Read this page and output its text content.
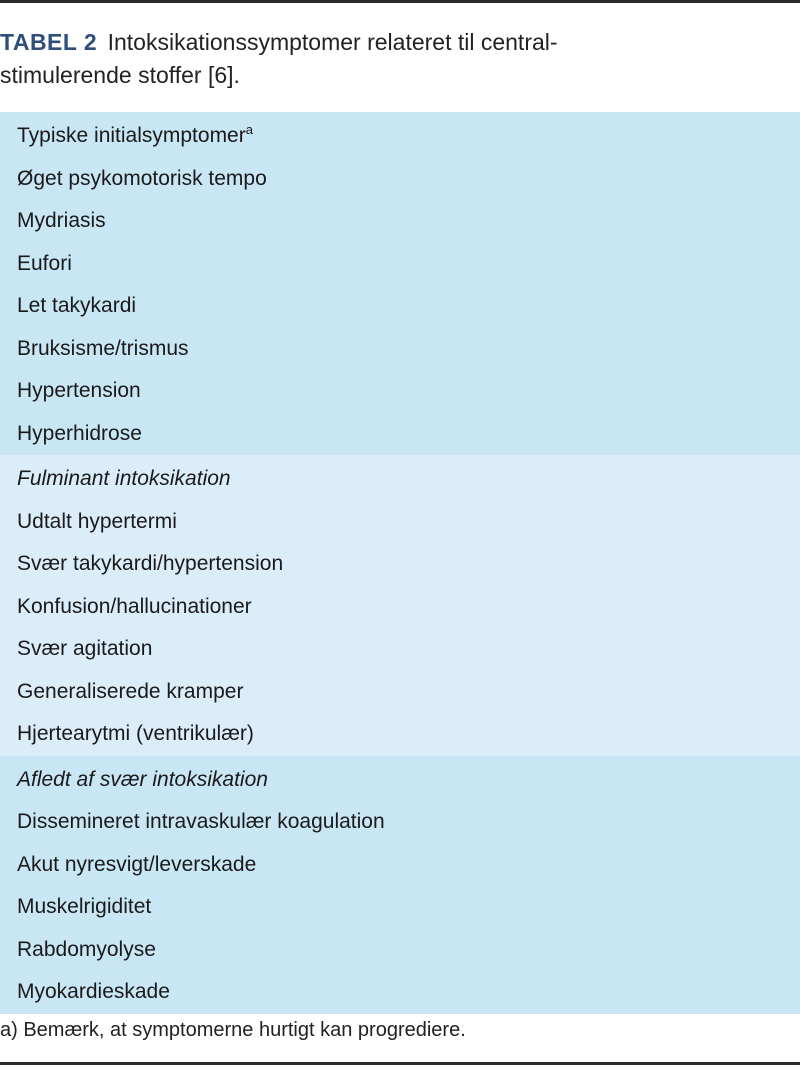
TABEL 2 Intoksikationssymptomer relateret til central-
stimulerende stoffer [6].
Typiske initialsymptomer$^a$
Øget psykomotorisk tempo
Mydriasis
Eufori
Let takykardi
Bruksisme/trismus
Hypertension
Hyperhidrose
Fulminant intoksikation
Udtalt hypertermi
Svær takykardi/hypertension
Konfusion/hallucinationer
Svær agitation
Generaliserede kramper
Hjertearytmi (ventrikulær)
Afledt af svær intoksikation
Dissemineret intravaskulær koagulation
Akut nyresvigt/leverskade
Muskelrigiditet
Rabdomyolyse
Myokardieskade
a) Bemærk, at symptomerne hurtigt kan progrediere.
